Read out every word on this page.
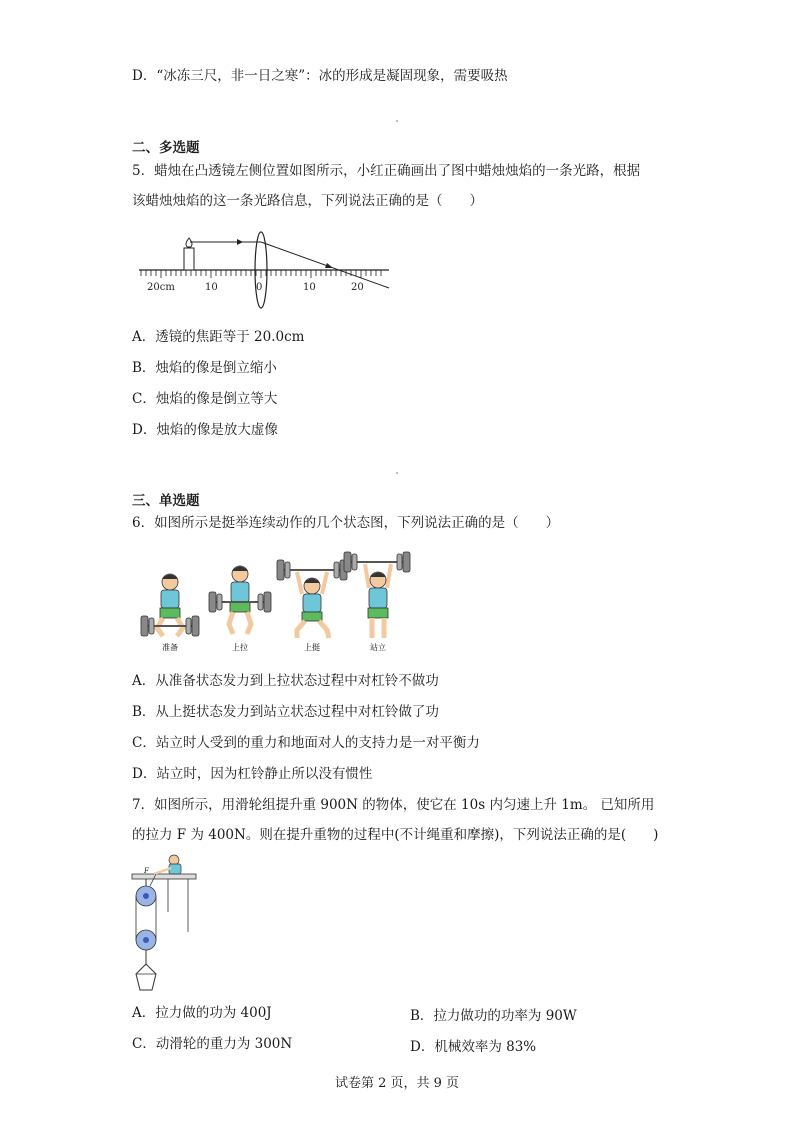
D．“冰冻三尺，非一日之寒”：冰的形成是凝固现象，需要吸热
二、多选题
5．蜡烛在凸透镜左侧位置如图所示，小红正确画出了图中蜡烛烛焰的一条光路，根据
该蜡烛烛焰的这一条光路信息，下列说法正确的是（　　）
20cm	10	0	10	20
A．透镜的焦距等于 20.0cm
B．烛焰的像是倒立缩小
C．烛焰的像是倒立等大
D．烛焰的像是放大虚像
三、单选题
6．如图所示是挺举连续动作的几个状态图，下列说法正确的是（　　）
准备	上拉	上挺	站立
A．从准备状态发力到上拉状态过程中对杠铃不做功
B．从上挺状态发力到站立状态过程中对杠铃做了功
C．站立时人受到的重力和地面对人的支持力是一对平衡力
D．站立时，因为杠铃静止所以没有惯性
7．如图所示，用滑轮组提升重 900N 的物体，使它在 10s 内匀速上升 1m。 已知所用
的拉力 F 为 400N。则在提升重物的过程中(不计绳重和摩擦)，下列说法正确的是(　　)
F
A．拉力做的功为 400J	B．拉力做功的功率为 90W
C．动滑轮的重力为 300N	D．机械效率为 83%
试卷第 2 页，共 9 页
